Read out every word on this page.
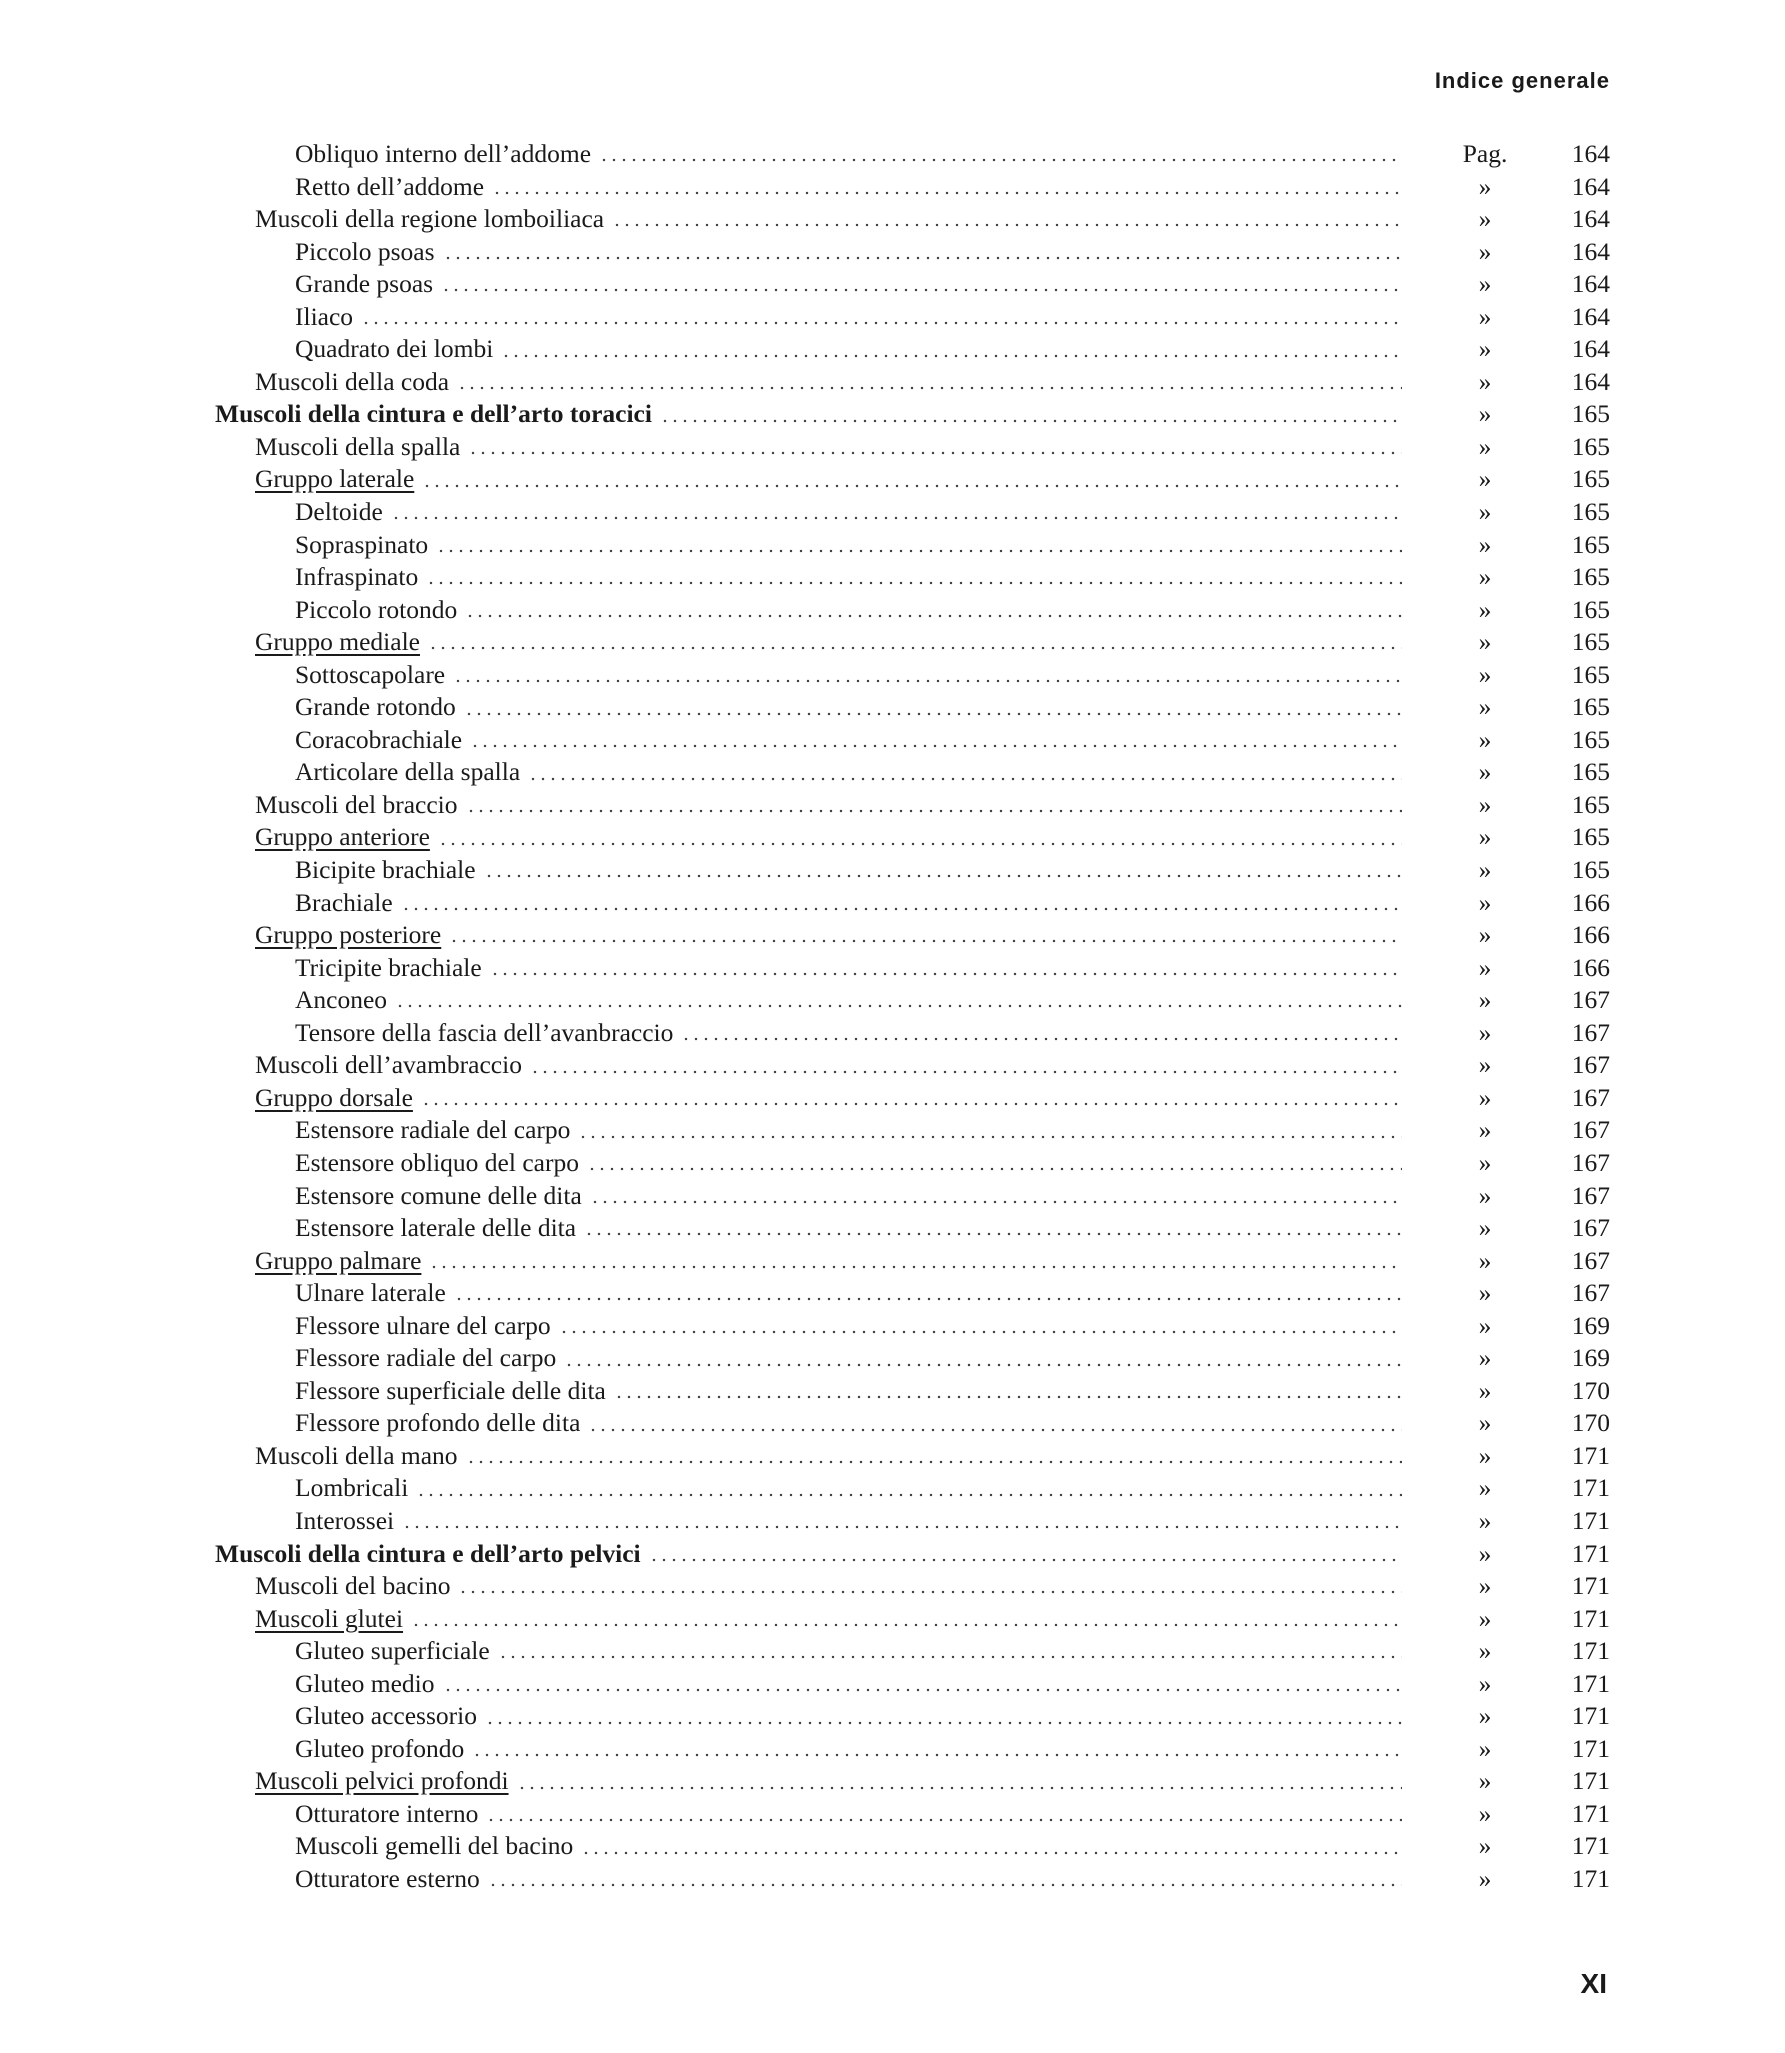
Indice generale
Obliquo interno dell’addome	Pag.	164
Retto dell’addome	»	164
Muscoli della regione lomboiliaca	»	164
Piccolo psoas	»	164
Grande psoas	»	164
Iliaco	»	164
Quadrato dei lombi	»	164
Muscoli della coda	»	164
Muscoli della cintura e dell’arto toracici	»	165
Muscoli della spalla	»	165
Gruppo laterale	»	165
Deltoide	»	165
Sopraspinato	»	165
Infraspinato	»	165
Piccolo rotondo	»	165
Gruppo mediale	»	165
Sottoscapolare	»	165
Grande rotondo	»	165
Coracobrachiale	»	165
Articolare della spalla	»	165
Muscoli del braccio	»	165
Gruppo anteriore	»	165
Bicipite brachiale	»	165
Brachiale	»	166
Gruppo posteriore	»	166
Tricipite brachiale	»	166
Anconeo	»	167
Tensore della fascia dell’avanbraccio	»	167
Muscoli dell’avambraccio	»	167
Gruppo dorsale	»	167
Estensore radiale del carpo	»	167
Estensore obliquo del carpo	»	167
Estensore comune delle dita	»	167
Estensore laterale delle dita	»	167
Gruppo palmare	»	167
Ulnare laterale	»	167
Flessore ulnare del carpo	»	169
Flessore radiale del carpo	»	169
Flessore superficiale delle dita	»	170
Flessore profondo delle dita	»	170
Muscoli della mano	»	171
Lombricali	»	171
Interossei	»	171
Muscoli della cintura e dell’arto pelvici	»	171
Muscoli del bacino	»	171
Muscoli glutei	»	171
Gluteo superficiale	»	171
Gluteo medio	»	171
Gluteo accessorio	»	171
Gluteo profondo	»	171
Muscoli pelvici profondi	»	171
Otturatore interno	»	171
Muscoli gemelli del bacino	»	171
Otturatore esterno	»	171
XI
